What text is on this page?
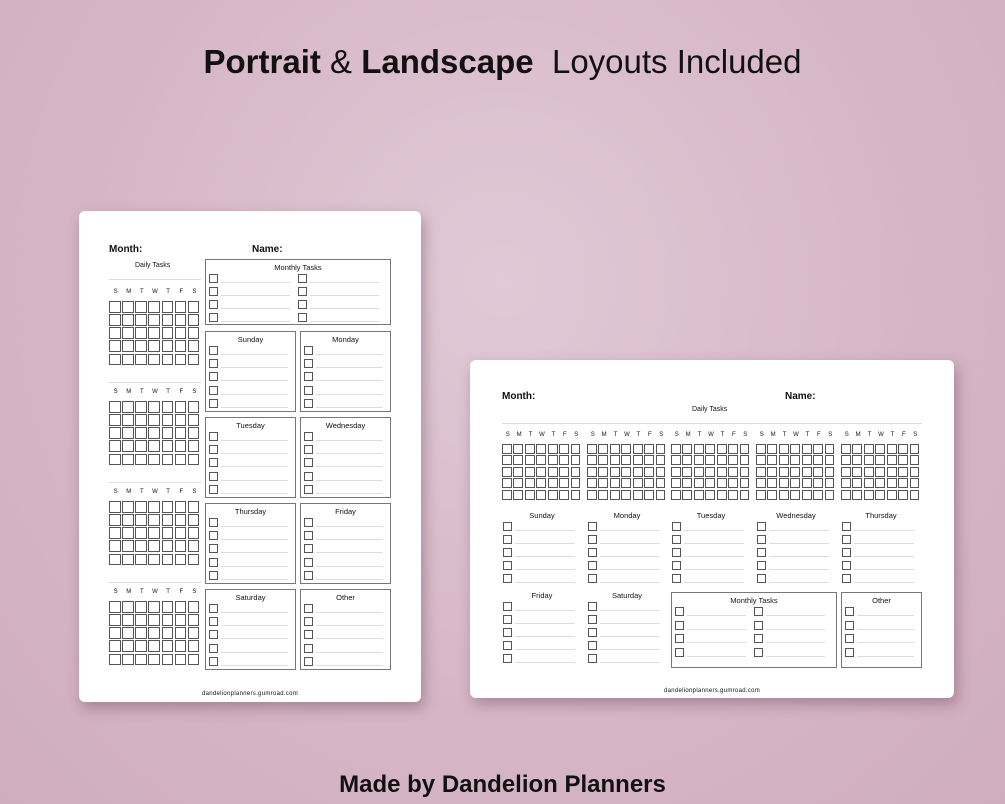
Portrait & Landscape  Loyouts Included
Month:	Name:
Daily Tasks
S	M	T	W	T	F	S
S	M	T	W	T	F	S
S	M	T	W	T	F	S
S	M	T	W	T	F	S
Monthly Tasks
Sunday	Monday
Tuesday	Wednesday
Thursday	Friday
Saturday	Other
dandelionplanners.gumroad.com
Month:	Name:
Daily Tasks
S	M	T	W	T	F	S	S	M	T	W	T	F	S	S	M	T	W	T	F	S	S	M	T	W	T	F	S	S	M	T	W	T	F	S
Sunday	Monday	Tuesday	Wednesday	Thursday
Friday	Saturday
Monthly Tasks	Other
dandelionplanners.gumroad.com
Made by Dandelion Planners
